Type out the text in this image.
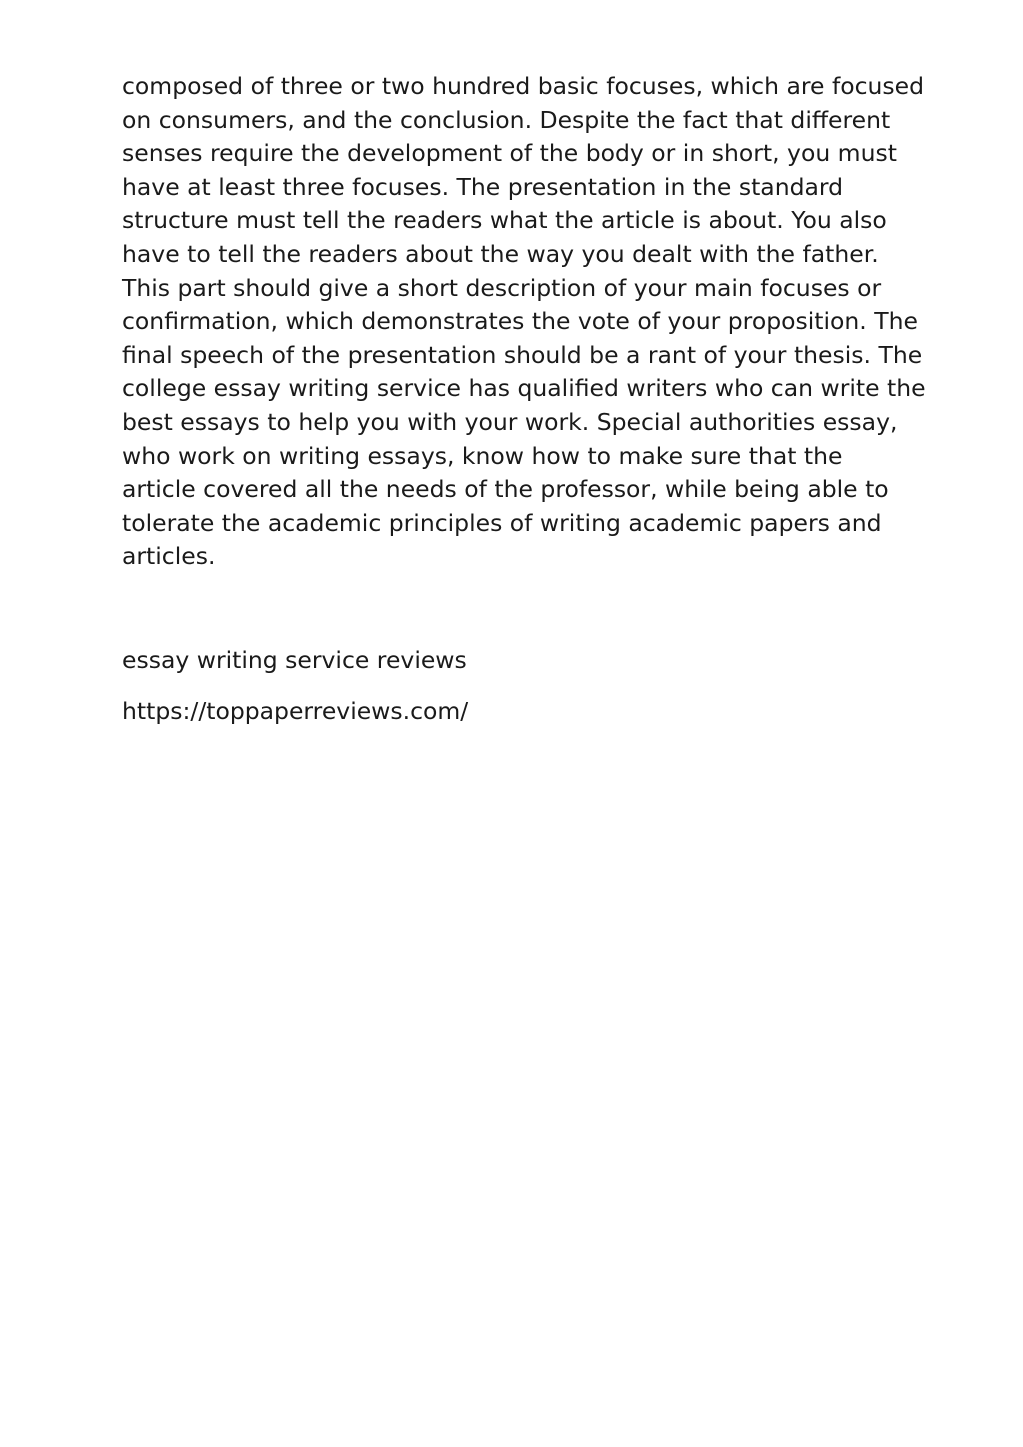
composed of three or two hundred basic focuses, which are focused
on consumers, and the conclusion. Despite the fact that different
senses require the development of the body or in short, you must
have at least three focuses. The presentation in the standard
structure must tell the readers what the article is about. You also
have to tell the readers about the way you dealt with the father.
This part should give a short description of your main focuses or
confirmation, which demonstrates the vote of your proposition. The
final speech of the presentation should be a rant of your thesis. The
college essay writing service has qualified writers who can write the
best essays to help you with your work. Special authorities essay,
who work on writing essays, know how to make sure that the
article covered all the needs of the professor, while being able to
tolerate the academic principles of writing academic papers and
articles.

essay writing service reviews

https://toppaperreviews.com/
